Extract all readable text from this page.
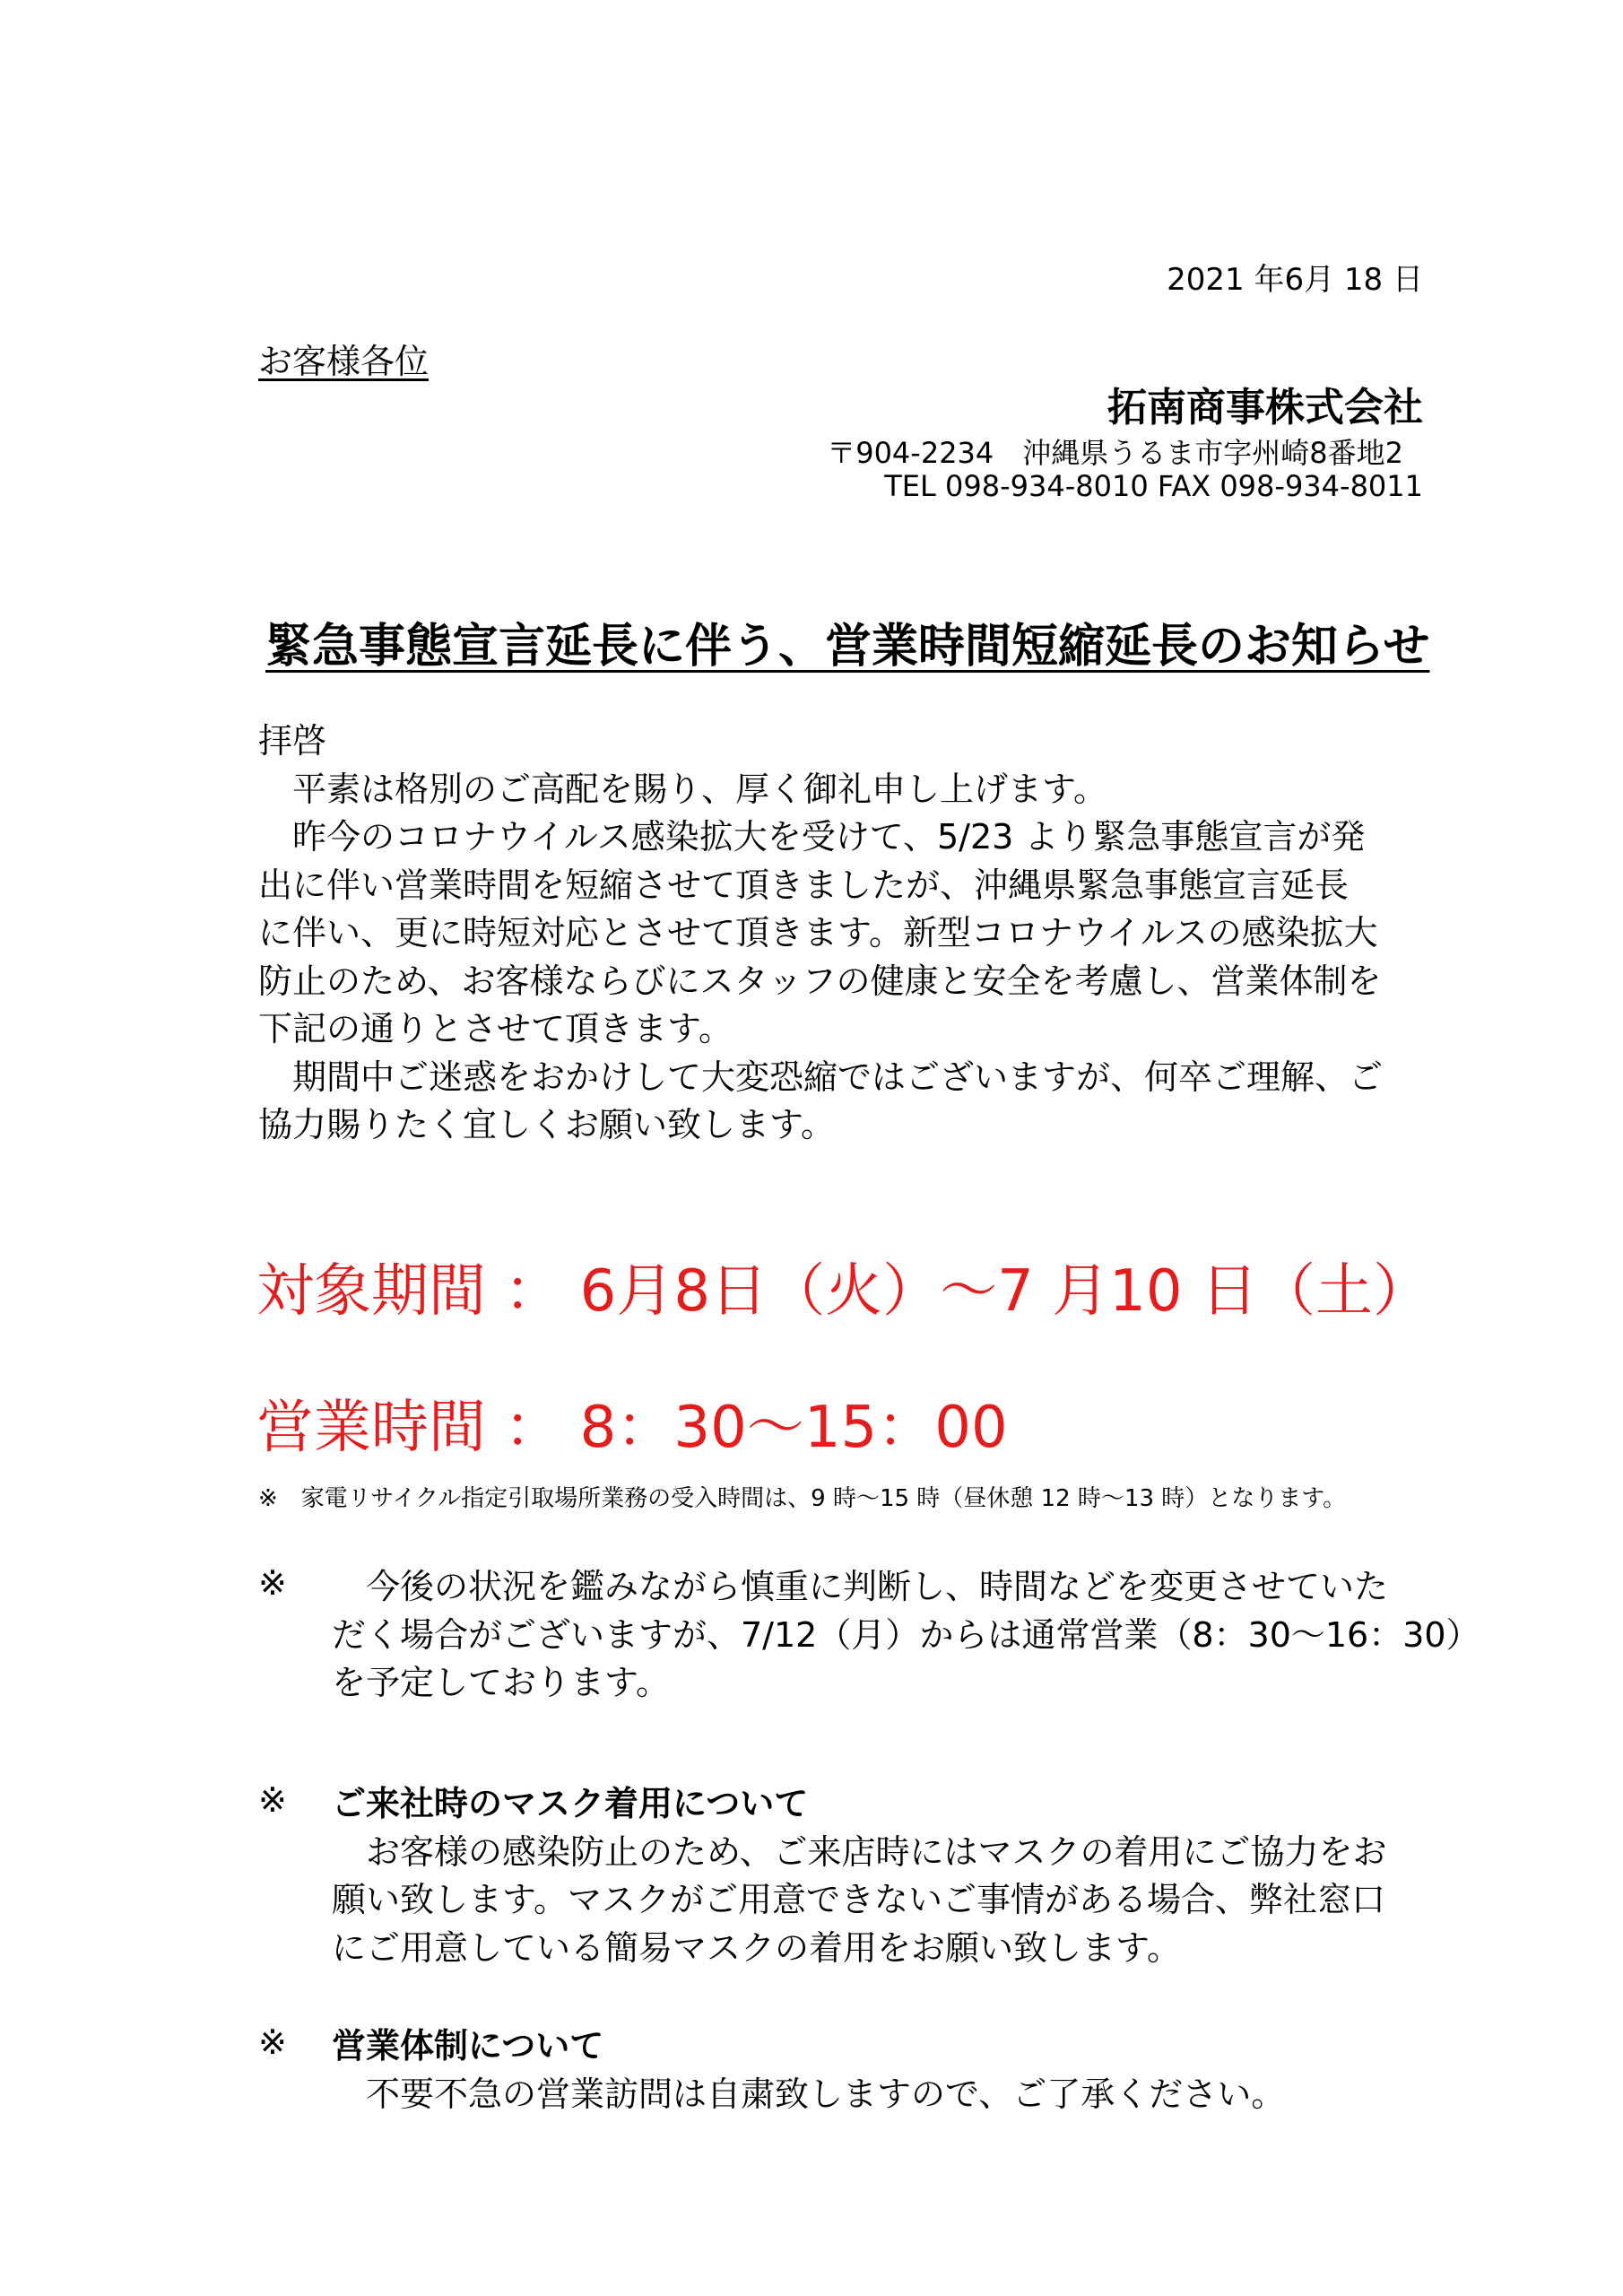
2021 年6月 18 日
お客様各位
拓南商事株式会社
〒904-2234　沖縄県うるま市字州崎8番地2
TEL 098-934-8010 FAX 098-934-8011
緊急事態宣言延長に伴う、営業時間短縮延長のお知らせ
拝啓
平素は格別のご高配を賜り、厚く御礼申し上げます。
昨今のコロナウイルス感染拡大を受けて、5/23 より緊急事態宣言が発
出に伴い営業時間を短縮させて頂きましたが、沖縄県緊急事態宣言延長
に伴い、更に時短対応とさせて頂きます。新型コロナウイルスの感染拡大
防止のため、お客様ならびにスタッフの健康と安全を考慮し、営業体制を
下記の通りとさせて頂きます。
期間中ご迷惑をおかけして大変恐縮ではございますが、何卒ご理解、ご
協力賜りたく宜しくお願い致します。
対象期間 ： 6月8日（火）～7 月10 日（土）
営業時間 ： 8：30～15：00
※　家電リサイクル指定引取場所業務の受入時間は、9 時～15 時（昼休憩 12 時～13 時）となります。
※ 　今後の状況を鑑みながら慎重に判断し、時間などを変更させていた
だく場合がございますが、7/12（月）からは通常営業（8：30～16：30）
を予定しております。
※ ご来社時のマスク着用について
　お客様の感染防止のため、ご来店時にはマスクの着用にご協力をお
願い致します。マスクがご用意できないご事情がある場合、弊社窓口
にご用意している簡易マスクの着用をお願い致します。
※ 営業体制について
　不要不急の営業訪問は自粛致しますので、ご了承ください。
